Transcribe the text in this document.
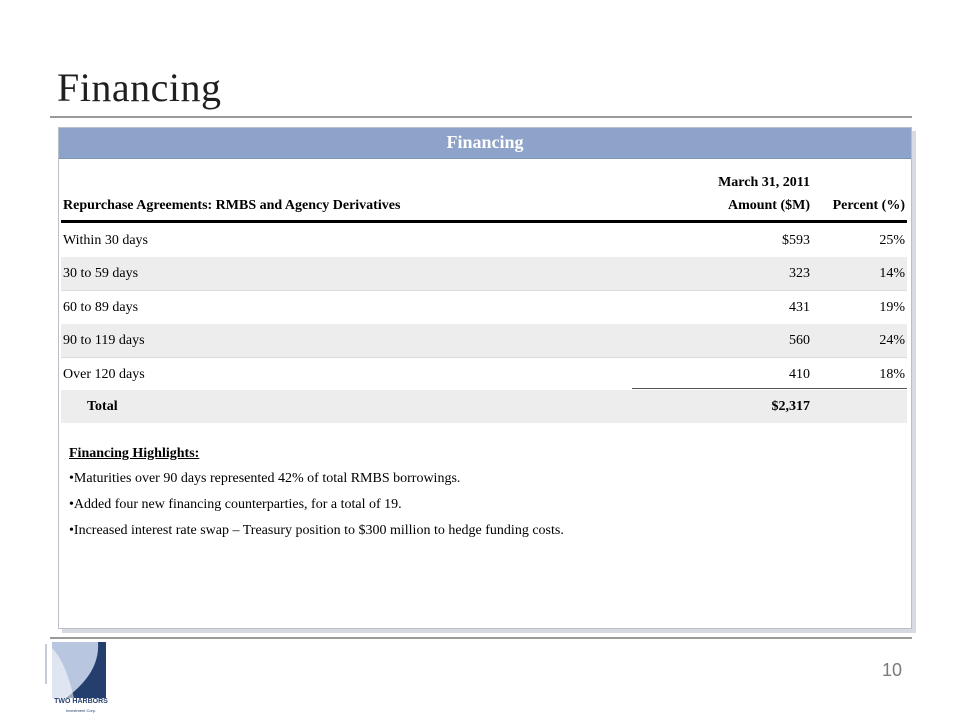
Financing
Financing
March 31, 2011
Repurchase Agreements: RMBS and Agency Derivatives	Amount ($M)	Percent (%)
Within 30 days	$593	25%
30 to 59 days	323	14%
60 to 89 days	431	19%
90 to 119 days	560	24%
Over 120 days	410	18%
Total	$2,317
Financing Highlights:
•Maturities over 90 days represented 42% of total RMBS borrowings.
•Added four new financing counterparties, for a total of 19.
•Increased interest rate swap – Treasury position to $300 million to hedge funding costs.
TWO HARBORS
Investment Corp.
10
